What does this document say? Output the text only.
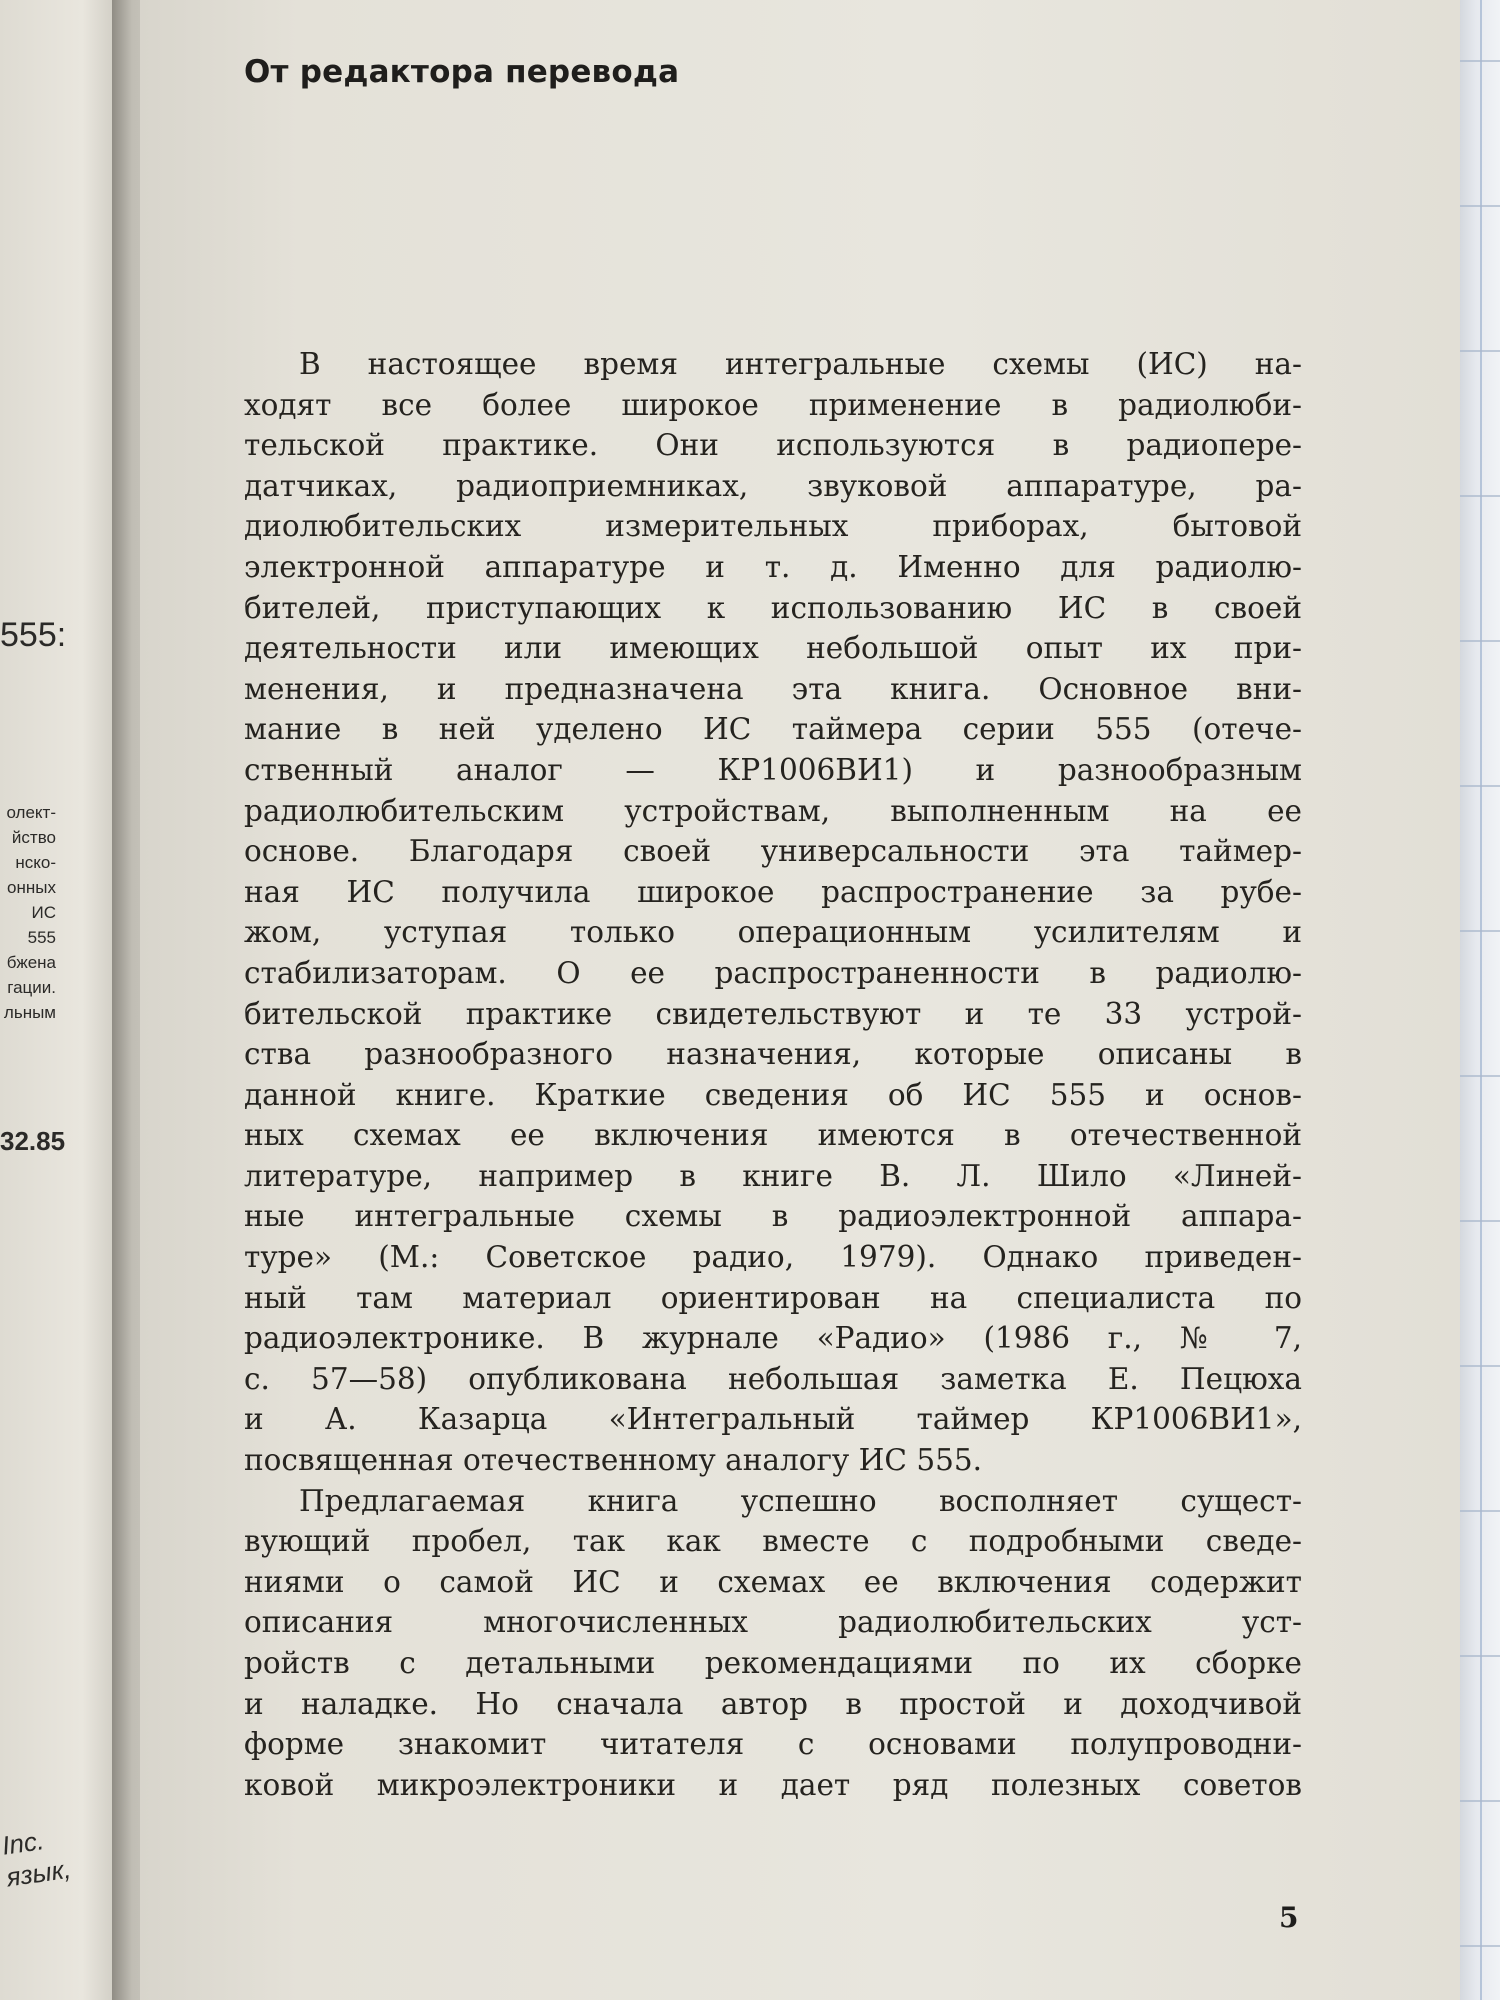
555:
олект-
йство
нско-
онных
ИС 555
бжена
гации.
льным
32.85
Inc.
язык,
От редактора перевода
В настоящее время интегральные схемы (ИС) на-
ходят все более широкое применение в радиолюби-
тельской практике. Они используются в радиопере-
датчиках, радиоприемниках, звуковой аппаратуре, ра-
диолюбительских измерительных приборах, бытовой
электронной аппаратуре и т. д. Именно для радиолю-
бителей, приступающих к использованию ИС в своей
деятельности или имеющих небольшой опыт их при-
менения, и предназначена эта книга. Основное вни-
мание в ней уделено ИС таймера серии 555 (отече-
ственный аналог — КР1006ВИ1) и разнообразным
радиолюбительским устройствам, выполненным на ее
основе. Благодаря своей универсальности эта таймер-
ная ИС получила широкое распространение за рубе-
жом, уступая только операционным усилителям и
стабилизаторам. О ее распространенности в радиолю-
бительской практике свидетельствуют и те 33 устрой-
ства разнообразного назначения, которые описаны в
данной книге. Краткие сведения об ИС 555 и основ-
ных схемах ее включения имеются в отечественной
литературе, например в книге В. Л. Шило «Линей-
ные интегральные схемы в радиоэлектронной аппара-
туре» (М.: Советское радио, 1979). Однако приведен-
ный там материал ориентирован на специалиста по
радиоэлектронике. В журнале «Радио» (1986 г., № 7,
с. 57—58) опубликована небольшая заметка Е. Пецюха
и А. Казарца «Интегральный таймер КР1006ВИ1»,
посвященная отечественному аналогу ИС 555.
Предлагаемая книга успешно восполняет сущест-
вующий пробел, так как вместе с подробными сведе-
ниями о самой ИС и схемах ее включения содержит
описания многочисленных радиолюбительских уст-
ройств с детальными рекомендациями по их сборке
и наладке. Но сначала автор в простой и доходчивой
форме знакомит читателя с основами полупроводни-
ковой микроэлектроники и дает ряд полезных советов
5
